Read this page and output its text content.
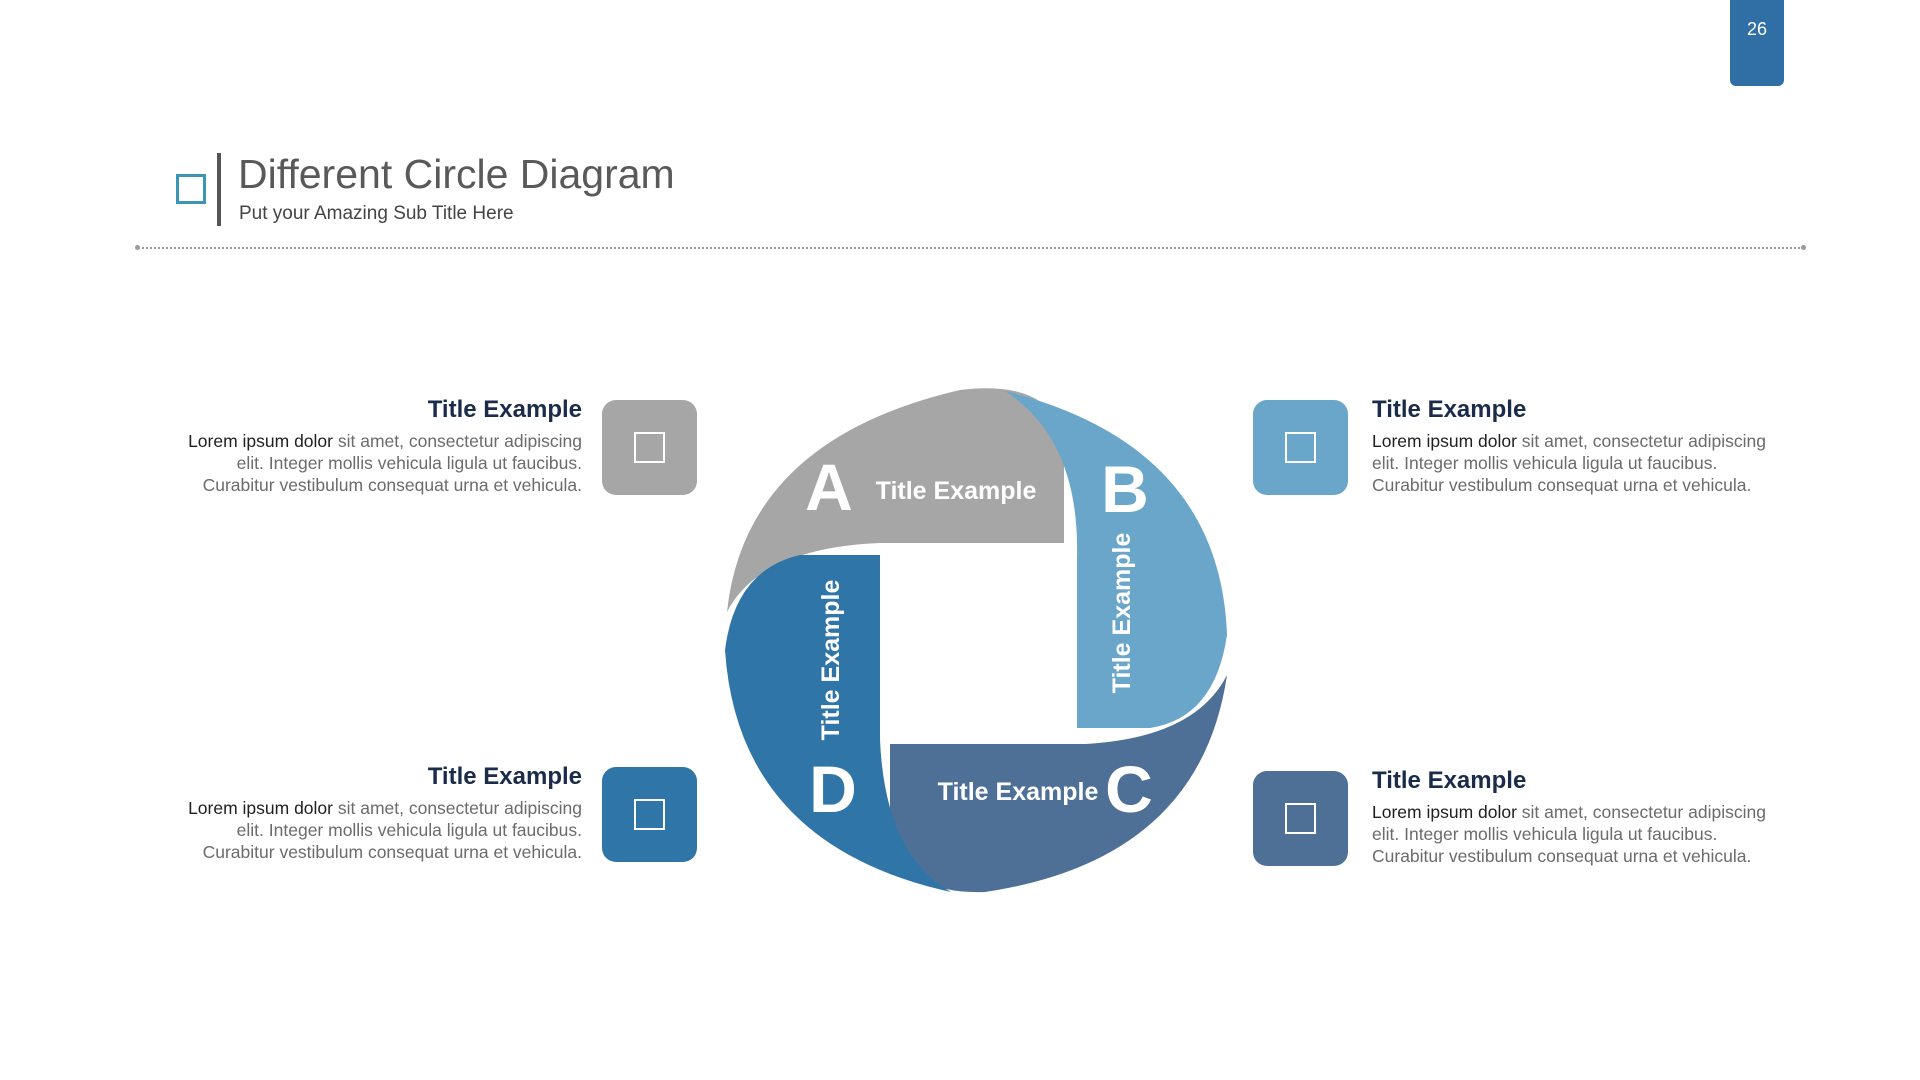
26
Different Circle Diagram
Put your Amazing Sub Title Here
A Title Example B
Title Example
C
Title Example
D
Title Example
Title Example
Lorem ipsum dolor sit amet, consectetur adipiscing
elit. Integer mollis vehicula ligula ut faucibus.
Curabitur vestibulum consequat urna et vehicula.
Title Example
Lorem ipsum dolor sit amet, consectetur adipiscing
elit. Integer mollis vehicula ligula ut faucibus.
Curabitur vestibulum consequat urna et vehicula.
Title Example
Lorem ipsum dolor sit amet, consectetur adipiscing
elit. Integer mollis vehicula ligula ut faucibus.
Curabitur vestibulum consequat urna et vehicula.
Title Example
Lorem ipsum dolor sit amet, consectetur adipiscing
elit. Integer mollis vehicula ligula ut faucibus.
Curabitur vestibulum consequat urna et vehicula.
